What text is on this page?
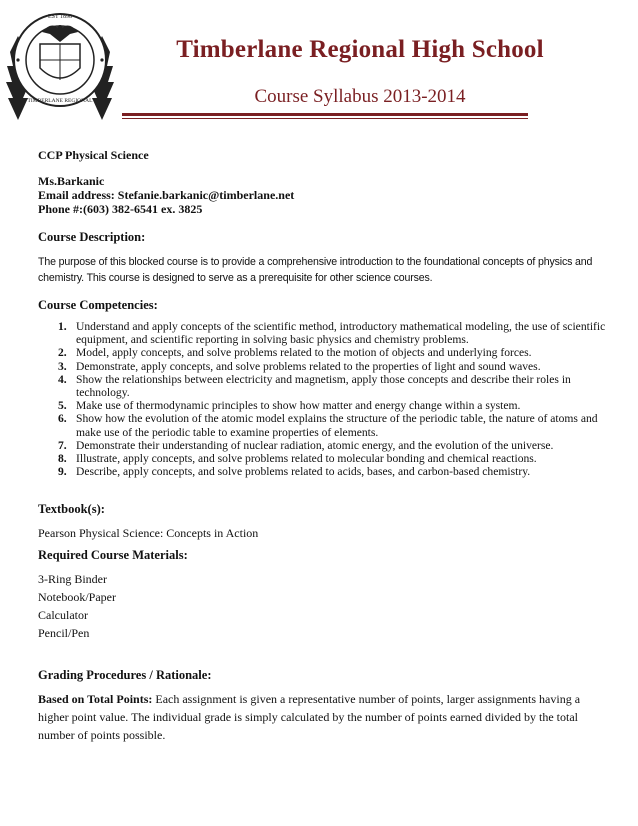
EST 1898
TIMBERLANE REGIONAL
Timberlane Regional High School
Course Syllabus 2013-2014
CCP Physical Science
Ms.Barkanic
Email address: Stefanie.barkanic@timberlane.net
Phone #:(603) 382-6541 ex. 3825
Course Description:
The purpose of this blocked course is to provide a comprehensive introduction to the foundational concepts of physics and chemistry. This course is designed to serve as a prerequisite for other science courses.
Course Competencies:
1. Understand and apply concepts of the scientific method, introductory mathematical modeling, the use of scientific equipment, and scientific reporting in solving basic physics and chemistry problems.
2. Model, apply concepts, and solve problems related to the motion of objects and underlying forces.
3. Demonstrate, apply concepts, and solve problems related to the properties of light and sound waves.
4. Show the relationships between electricity and magnetism, apply those concepts and describe their roles in technology.
5. Make use of thermodynamic principles to show how matter and energy change within a system.
6. Show how the evolution of the atomic model explains the structure of the periodic table, the nature of atoms and make use of the periodic table to examine properties of elements.
7. Demonstrate their understanding of nuclear radiation, atomic energy, and the evolution of the universe.
8. Illustrate, apply concepts, and solve problems related to molecular bonding and chemical reactions.
9. Describe, apply concepts, and solve problems related to acids, bases, and carbon-based chemistry.
Textbook(s):
Pearson Physical Science: Concepts in Action
Required Course Materials:
3-Ring Binder
Notebook/Paper
Calculator
Pencil/Pen
Grading Procedures / Rationale:
Based on Total Points: Each assignment is given a representative number of points, larger assignments having a higher point value. The individual grade is simply calculated by the number of points earned divided by the total number of points possible.
